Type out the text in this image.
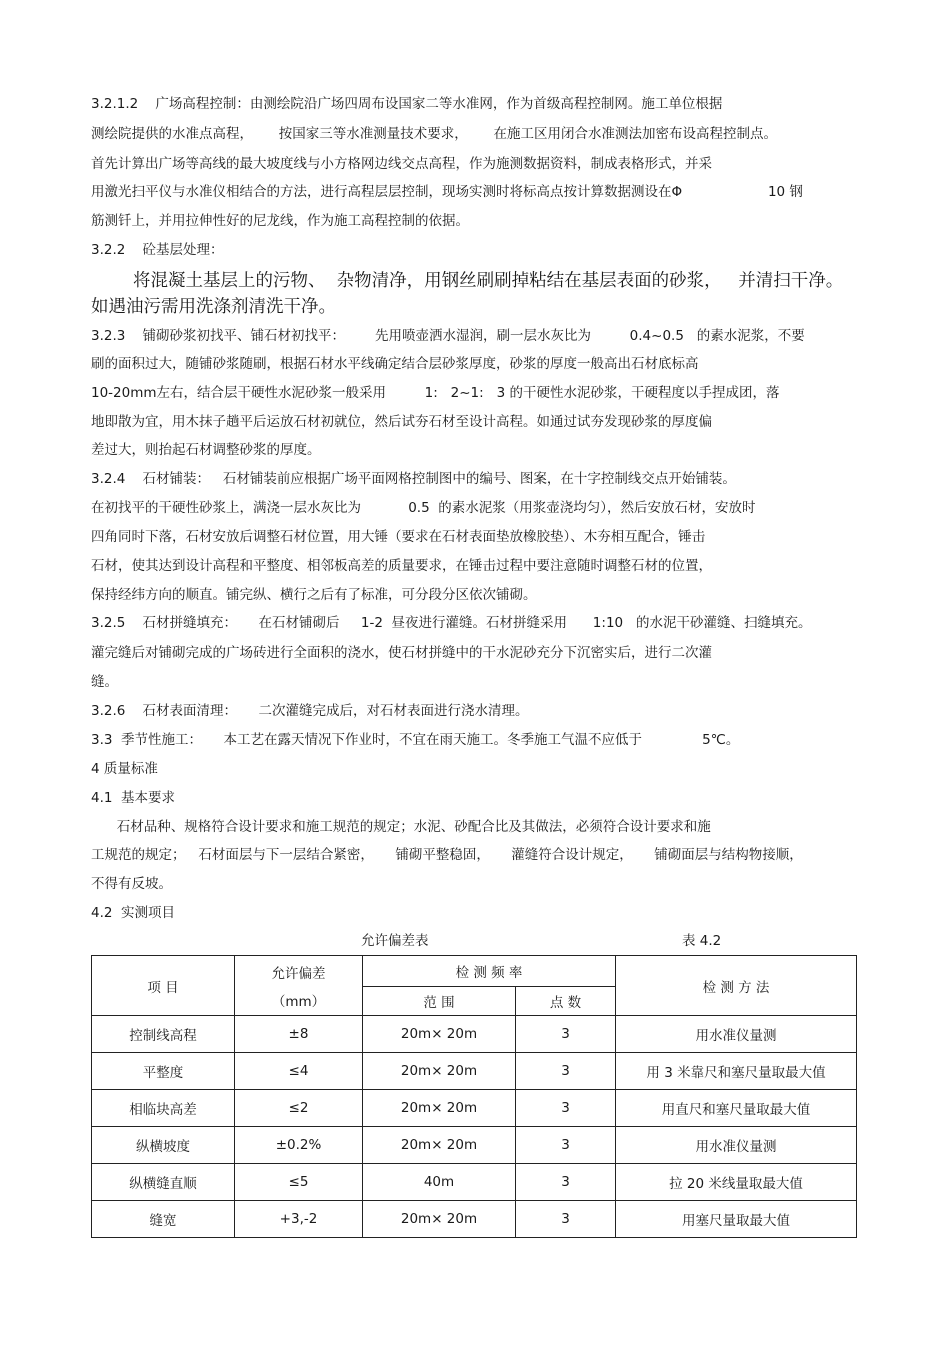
3.2.1.2    广场高程控制：由测绘院沿广场四周布设国家二等水准网，作为首级高程控制网。施工单位根据
测绘院提供的水准点高程，      按国家三等水准测量技术要求，      在施工区用闭合水准测法加密布设高程控制点。
首先计算出广场等高线的最大坡度线与小方格网边线交点高程，作为施测数据资料，制成表格形式，并采
用激光扫平仪与水准仪相结合的方法，进行高程层层控制，现场实测时将标高点按计算数据测设在Φ                    10 钢
筋测钎上，并用拉伸性好的尼龙线，作为施工高程控制的依据。
3.2.2    砼基层处理：
将混凝土基层上的污物、  杂物清净，用钢丝刷刷掉粘结在基层表面的砂浆，   并清扫干净。
如遇油污需用洗涤剂清洗干净。
3.2.3    铺砌砂浆初找平、铺石材初找平：       先用喷壶洒水湿润，刷一层水灰比为         0.4~0.5   的素水泥浆，不要
刷的面积过大，随铺砂浆随刷，根据石材水平线确定结合层砂浆厚度，砂浆的厚度一般高出石材底标高
10-20mm左右，结合层干硬性水泥砂浆一般采用         1:   2~1:   3 的干硬性水泥砂浆，干硬程度以手捏成团，落
地即散为宜，用木抹子趟平后运放石材初就位，然后试夯石材至设计高程。如通过试夯发现砂浆的厚度偏
差过大，则抬起石材调整砂浆的厚度。
3.2.4    石材铺装：   石材铺装前应根据广场平面网格控制图中的编号、图案，在十字控制线交点开始铺装。
在初找平的干硬性砂浆上，满浇一层水灰比为           0.5  的素水泥浆（用浆壶浇均匀），然后安放石材，安放时
四角同时下落，石材安放后调整石材位置，用大锤（要求在石材表面垫放橡胶垫）、木夯相互配合，锤击
石材，使其达到设计高程和平整度、相邻板高差的质量要求，在锤击过程中要注意随时调整石材的位置，
保持经纬方向的顺直。铺完纵、横行之后有了标准，可分段分区依次铺砌。
3.2.5    石材拼缝填充：     在石材铺砌后     1-2  昼夜进行灌缝。石材拼缝采用      1:10   的水泥干砂灌缝、扫缝填充。
灌完缝后对铺砌完成的广场砖进行全面积的浇水，使石材拼缝中的干水泥砂充分下沉密实后，进行二次灌
缝。
3.2.6    石材表面清理：     二次灌缝完成后，对石材表面进行浇水清理。
3.3  季节性施工：     本工艺在露天情况下作业时，不宜在雨天施工。冬季施工气温不应低于              5℃。
4 质量标准
4.1  基本要求
石材品种、规格符合设计要求和施工规范的规定；水泥、砂配合比及其做法，必须符合设计要求和施
工规范的规定；   石材面层与下一层结合紧密，     铺砌平整稳固，     灌缝符合设计规定，     铺砌面层与结构物接顺，
不得有反坡。
4.2  实测项目
允许偏差表	表 4.2
项 目	允许偏差
（mm）	检 测 频 率		检 测 方 法
		范 围	点 数	
控制线高程	±8	20m× 20m	3	用水准仪量测
平整度	≤4	20m× 20m	3	用 3 米靠尺和塞尺量取最大值
相临块高差	≤2	20m× 20m	3	用直尺和塞尺量取最大值
纵横坡度	±0.2%	20m× 20m	3	用水准仪量测
纵横缝直顺	≤5	40m	3	拉 20 米线量取最大值
缝宽	+3,-2	20m× 20m	3	用塞尺量取最大值
